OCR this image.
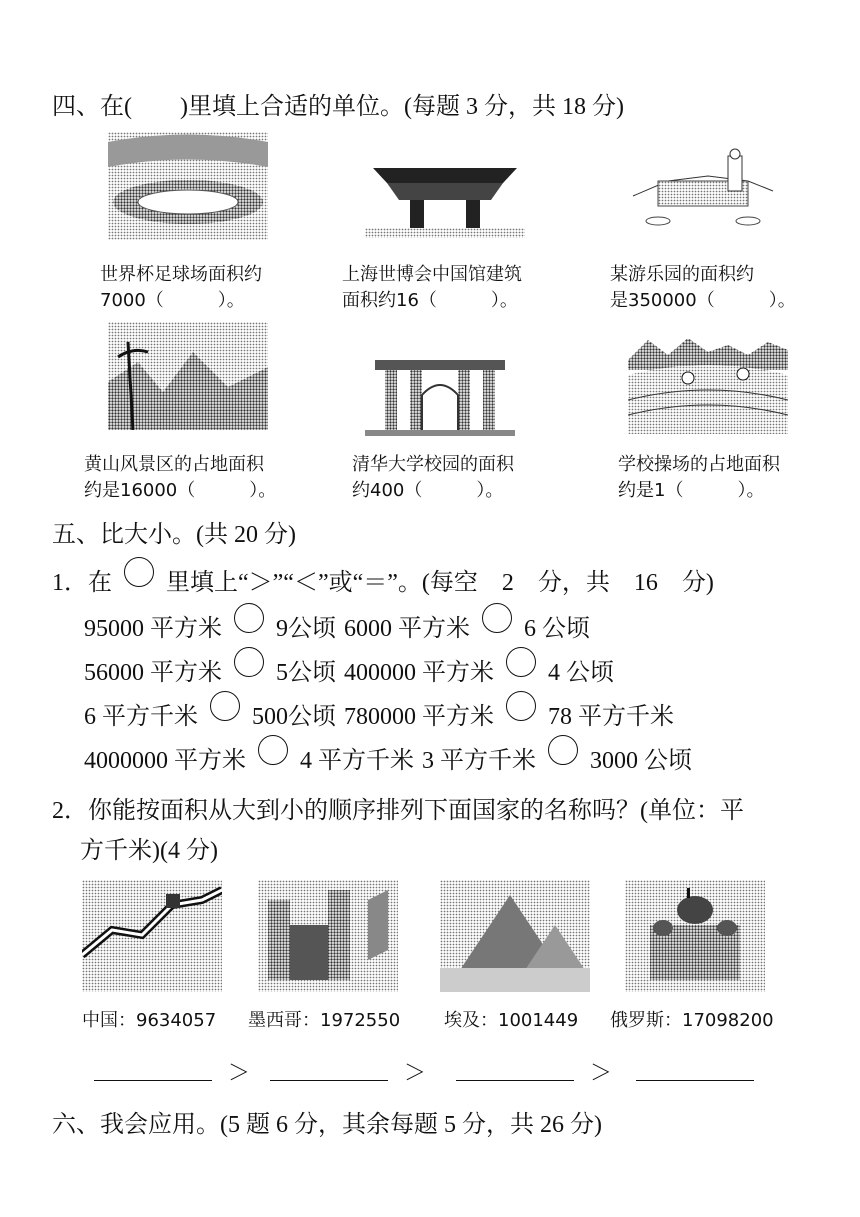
四、在(　　)里填上合适的单位。(每题 3 分，共 18 分)
世界杯足球场面积约
7000（　　　）。
上海世博会中国馆建筑
面积约16（　　　）。
某游乐园的面积约
是350000（　　　）。
黄山风景区的占地面积
约是16000（　　　）。
清华大学校园的面积
约400（　　　）。
学校操场的占地面积
约是1（　　　）。
五、比大小。(共 20 分)
1．在 里填上“＞”“＜”或“＝”。(每空　2　分，共　16　分)
95000 平方米 9公顷 6000 平方米 6 公顷
56000 平方米 5公顷 400000 平方米 4 公顷
6 平方千米 500公顷 780000 平方米 78 平方千米
4000000 平方米 4 平方千米 3 平方千米 3000 公顷
2．你能按面积从大到小的顺序排列下面国家的名称吗？(单位：平
方千米)(4 分)
中国：9634057 墨西哥：1972550 埃及：1001449 俄罗斯：17098200
＞	＞	＞
六、我会应用。(5 题 6 分，其余每题 5 分，共 26 分)
